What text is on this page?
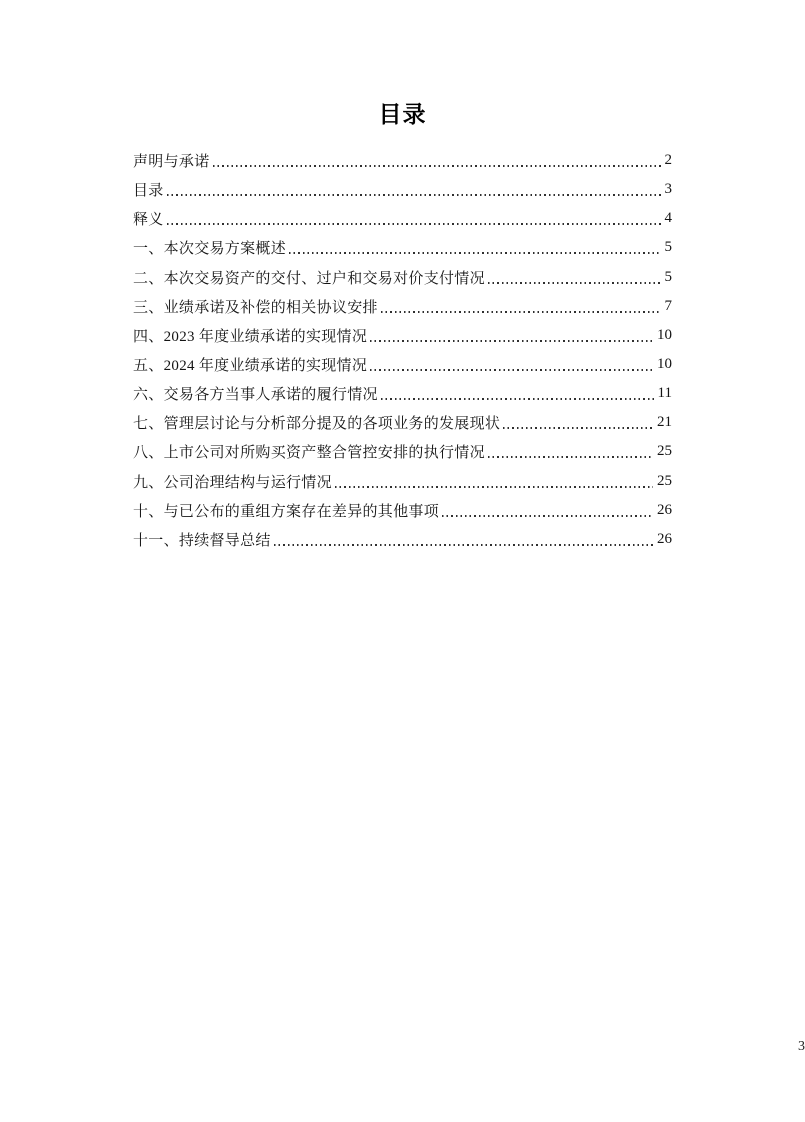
目录
声明与承诺	2
目录	3
释义	4
一、本次交易方案概述	5
二、本次交易资产的交付、过户和交易对价支付情况	5
三、业绩承诺及补偿的相关协议安排	7
四、2023 年度业绩承诺的实现情况	10
五、2024 年度业绩承诺的实现情况	10
六、交易各方当事人承诺的履行情况	11
七、管理层讨论与分析部分提及的各项业务的发展现状	21
八、上市公司对所购买资产整合管控安排的执行情况	25
九、公司治理结构与运行情况	25
十、与已公布的重组方案存在差异的其他事项	26
十一、持续督导总结	26
3
